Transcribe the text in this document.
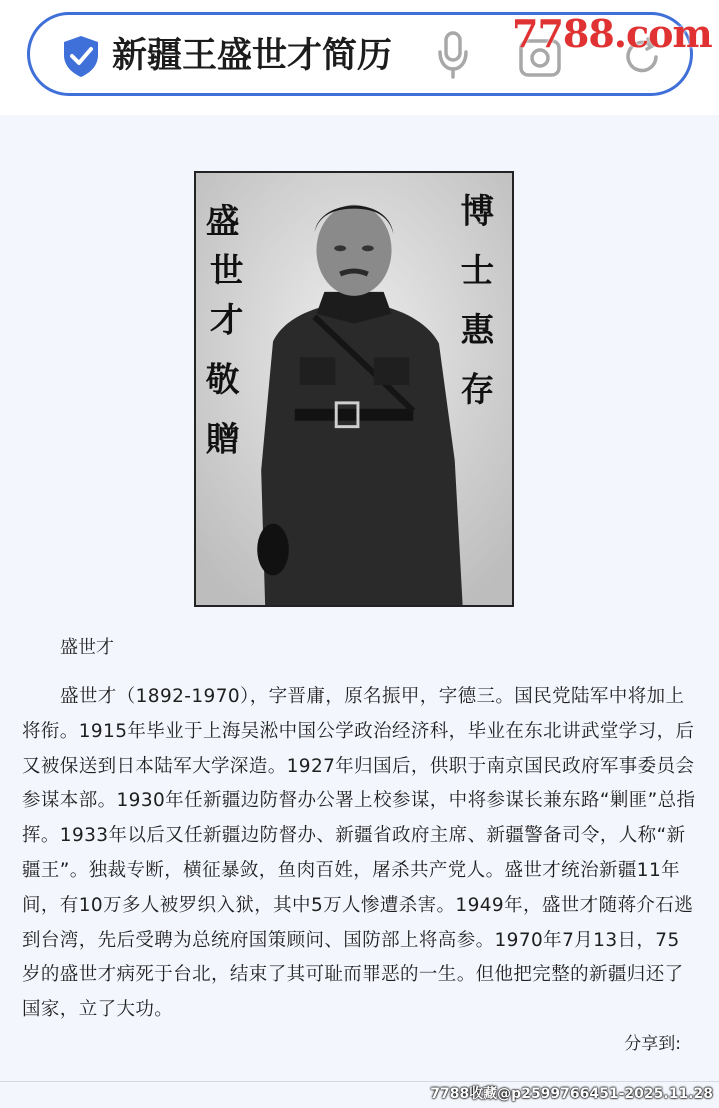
新疆王盛世才简历	7788.com
盛
世
才
敬
贈
博
士
惠
存
盛世才

盛世才（1892-1970），字晋庸，原名振甲，字德三。国民党陆军中将加上将衔。1915年毕业于上海吴淞中国公学政治经济科，毕业在东北讲武堂学习，后又被保送到日本陆军大学深造。1927年归国后，供职于南京国民政府军事委员会参谋本部。1930年任新疆边防督办公署上校参谋，中将参谋长兼东路“剿匪”总指挥。1933年以后又任新疆边防督办、新疆省政府主席、新疆警备司令，人称“新疆王”。独裁专断，横征暴敛，鱼肉百姓，屠杀共产党人。盛世才统治新疆11年间，有10万多人被罗织入狱，其中5万人惨遭杀害。1949年，盛世才随蒋介石逃到台湾，先后受聘为总统府国策顾问、国防部上将高参。1970年7月13日，75岁的盛世才病死于台北，结束了其可耻而罪恶的一生。但他把完整的新疆归还了国家，立了大功。

分享到:
7788收藏@p2599766451-2025.11.28
